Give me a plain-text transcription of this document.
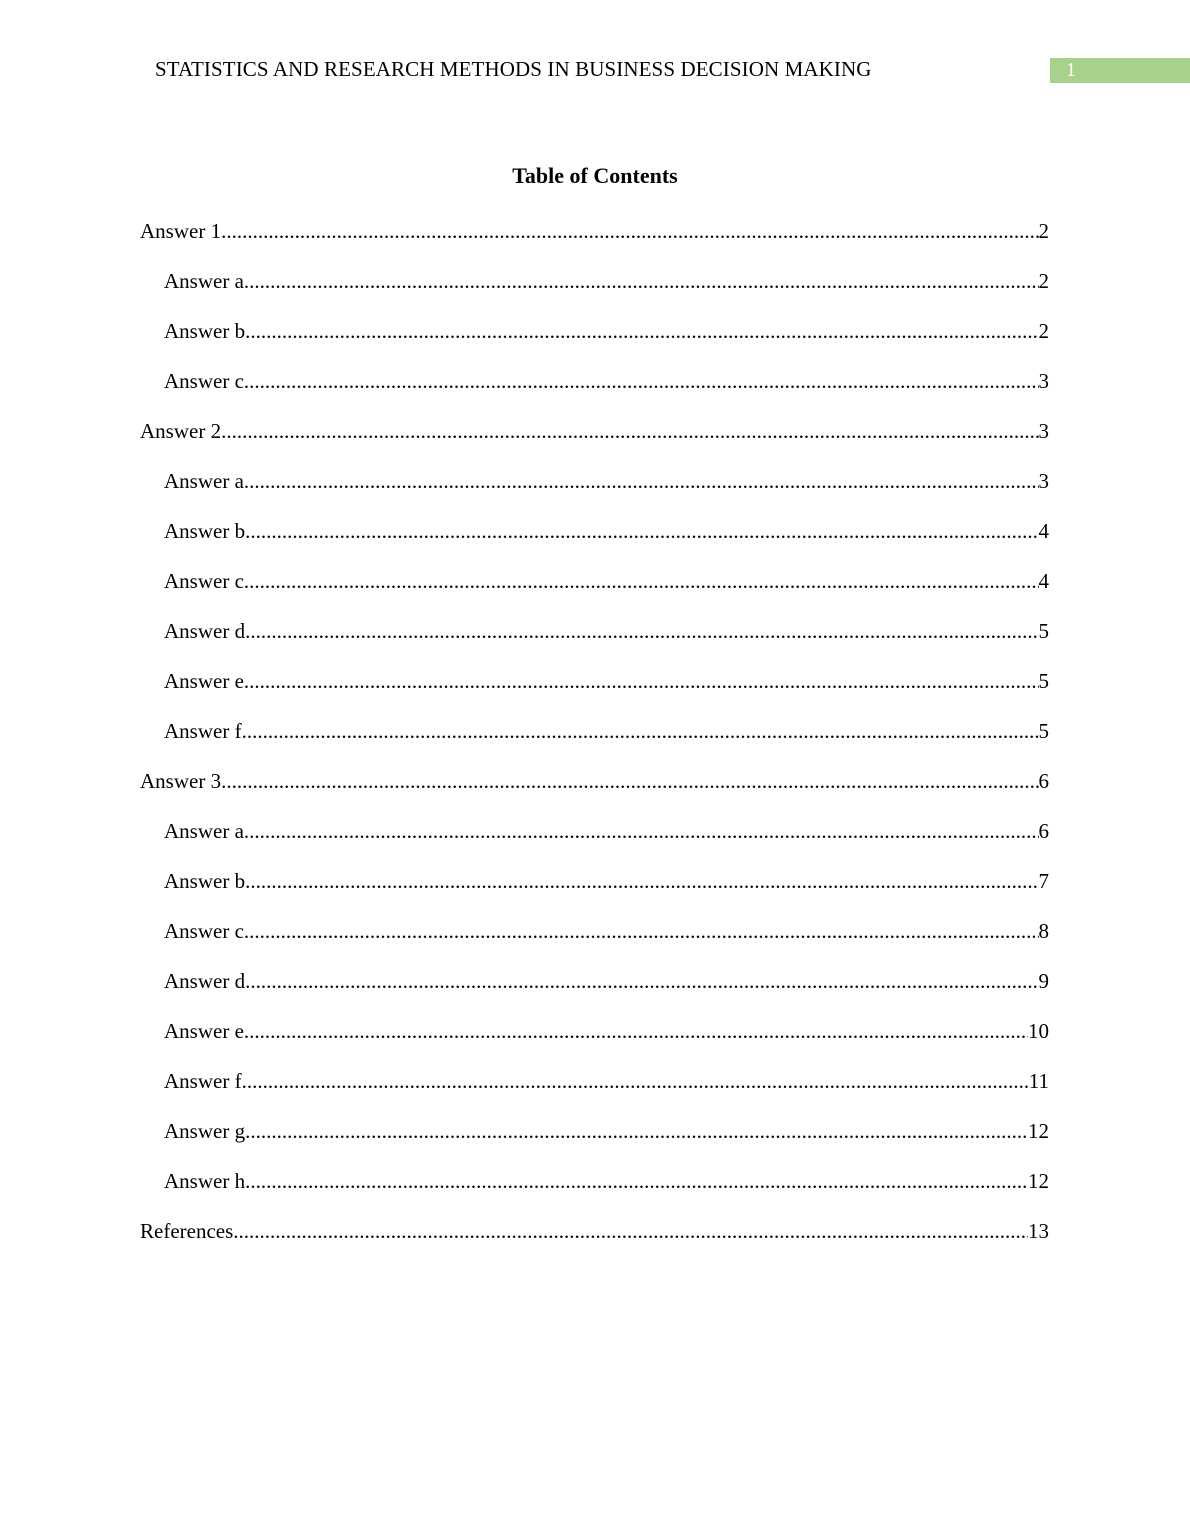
STATISTICS AND RESEARCH METHODS IN BUSINESS DECISION MAKING	1
Table of Contents
Answer 1 .....	2
Answer a .....	2
Answer b .....	2
Answer c .....	3
Answer 2 .....	3
Answer a .....	3
Answer b .....	4
Answer c .....	4
Answer d .....	5
Answer e .....	5
Answer f .....	5
Answer 3 .....	6
Answer a .....	6
Answer b .....	7
Answer c .....	8
Answer d .....	9
Answer e .....	10
Answer f .....	11
Answer g .....	12
Answer h .....	12
References .....	13
